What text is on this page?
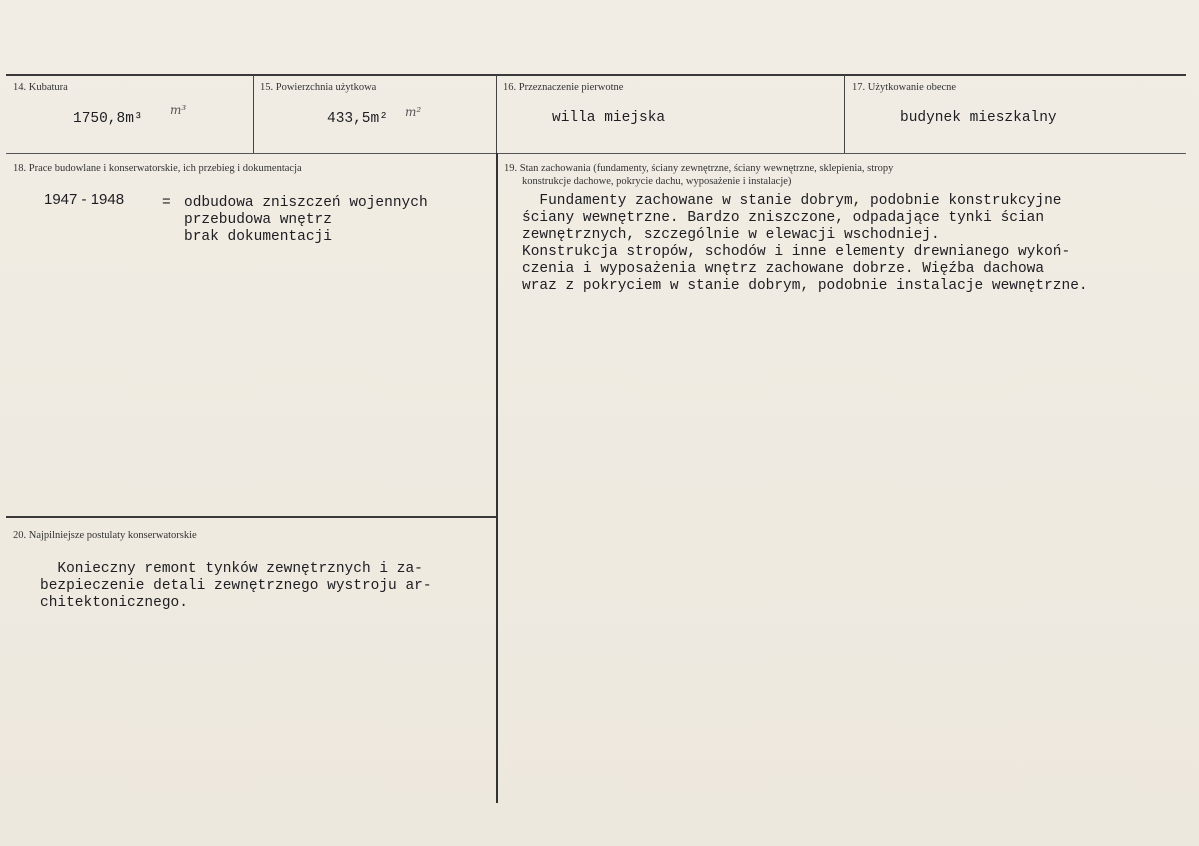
14. Kubatura
1750,8m³
m³
15. Powierzchnia użytkowa
433,5m² m²
16. Przeznaczenie pierwotne
willa miejska
17. Użytkowanie obecne
budynek mieszkalny
18. Prace budowlane i konserwatorskie, ich przebieg i dokumentacja
1947 - 1948	= odbudowa zniszczeń wojennych
przebudowa wnętrz
brak dokumentacji
19. Stan zachowania (fundamenty, ściany zewnętrzne, ściany wewnętrzne, sklepienia, stropy
konstrukcje dachowe, pokrycie dachu, wyposażenie i instalacje)
Fundamenty zachowane w stanie dobrym, podobnie konstrukcyjne
ściany wewnętrzne. Bardzo zniszczone, odpadające tynki ścian
zewnętrznych, szczególnie w elewacji wschodniej.
Konstrukcja stropów, schodów i inne elementy drewnianego wykoń-
czenia i wyposażenia wnętrz zachowane dobrze. Więźba dachowa
wraz z pokryciem w stanie dobrym, podobnie instalacje wewnętrzne.
20. Najpilniejsze postulaty konserwatorskie
Konieczny remont tynków zewnętrznych i za-
bezpieczenie detali zewnętrznego wystroju ar-
chitektonicznego.
